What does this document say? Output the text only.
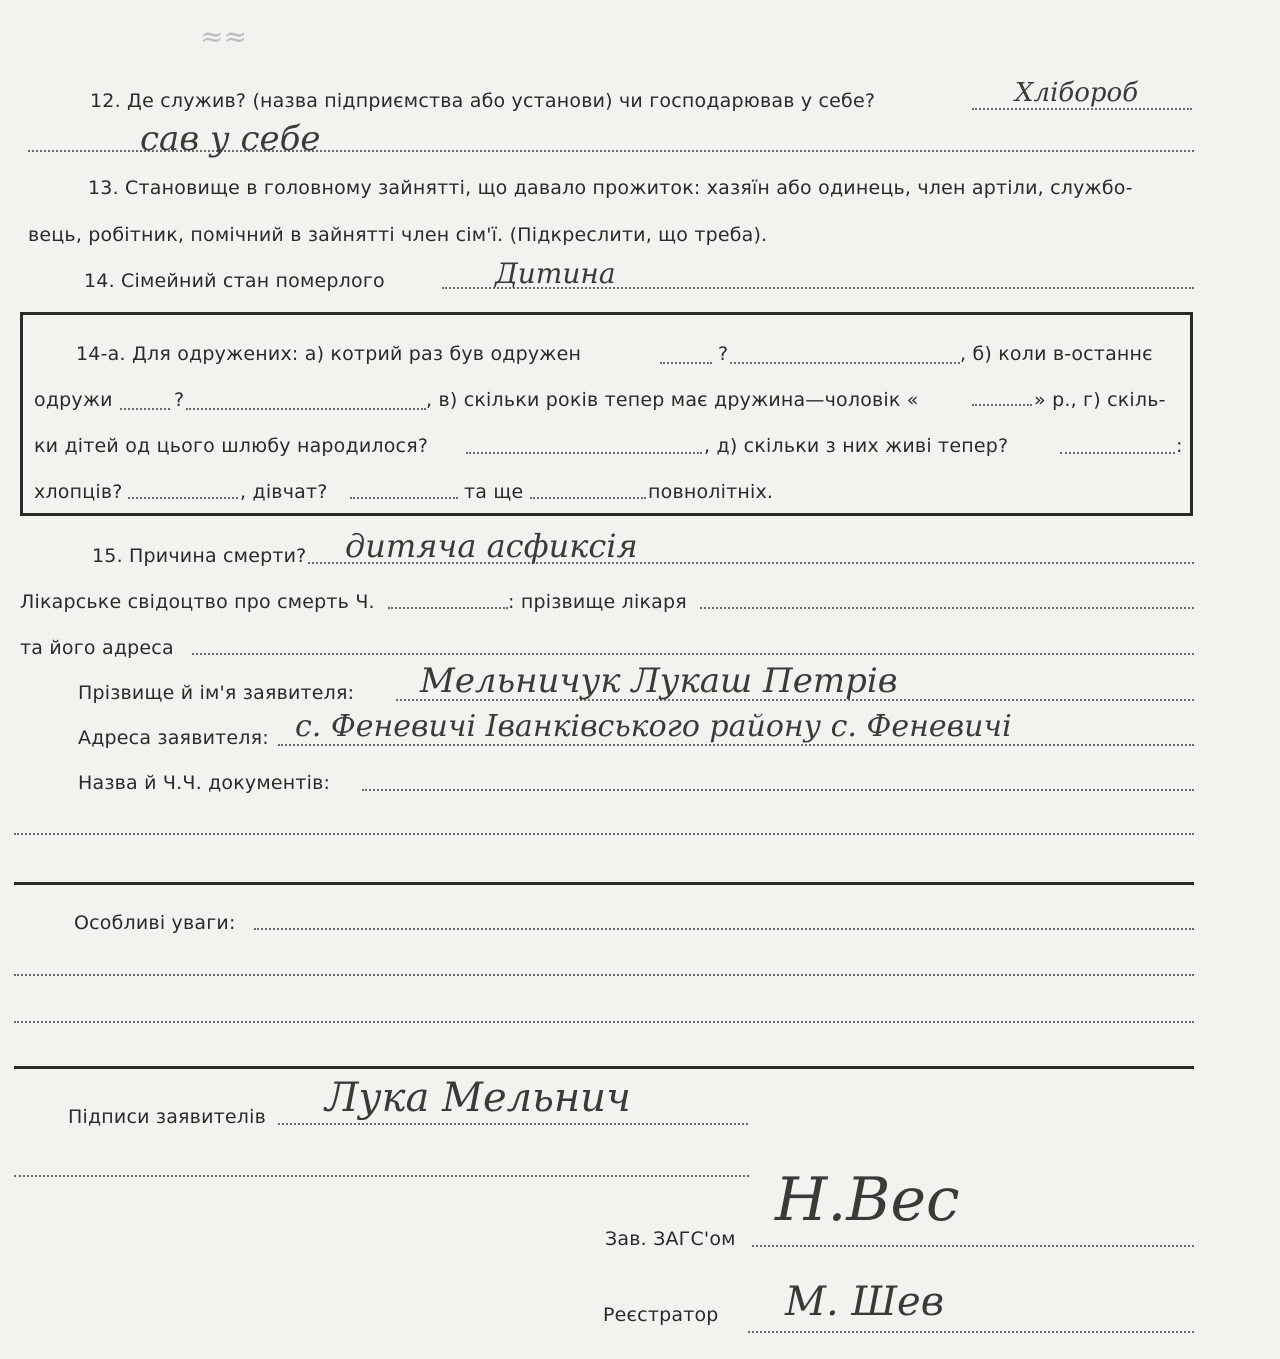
≈≈
12. Де служив? (назва підприємства або установи) чи господарював у себе?	Хлібороб
сав у себе
13. Становище в головному зайнятті, що давало прожиток: хазяїн або одинець, член артіли, службо-
вець, робітник, помічний в зайнятті член сім'ї. (Підкреслити, що треба).
14. Сімейний стан померлого	Дитина
14-а. Для одружених: а) котрий раз був одружен	?	, б) коли в-останнє
одружи	?	, в) скільки років тепер має дружина—чоловік «	» р., г) скіль-
ки дітей од цього шлюбу народилося?	, д) скільки з них живі тепер?	:
хлопців?	, дівчат?	та ще	повнолітніх.
15. Причина смерти? дитяча асфиксія
Лікарське свідоцтво про смерть Ч.	: прізвище лікаря
та його адреса
Прізвище й ім'я заявителя: Мельничук Лукаш Петрів
Адреса заявителя: с. Феневичі Іванківського району с. Феневичі
Назва й Ч.Ч. документів:
Особливі уваги:
Підписи заявителів Лука Мельнич
Зав. ЗАГС'ом
Н.Вес
Реєстратор М. Шев
